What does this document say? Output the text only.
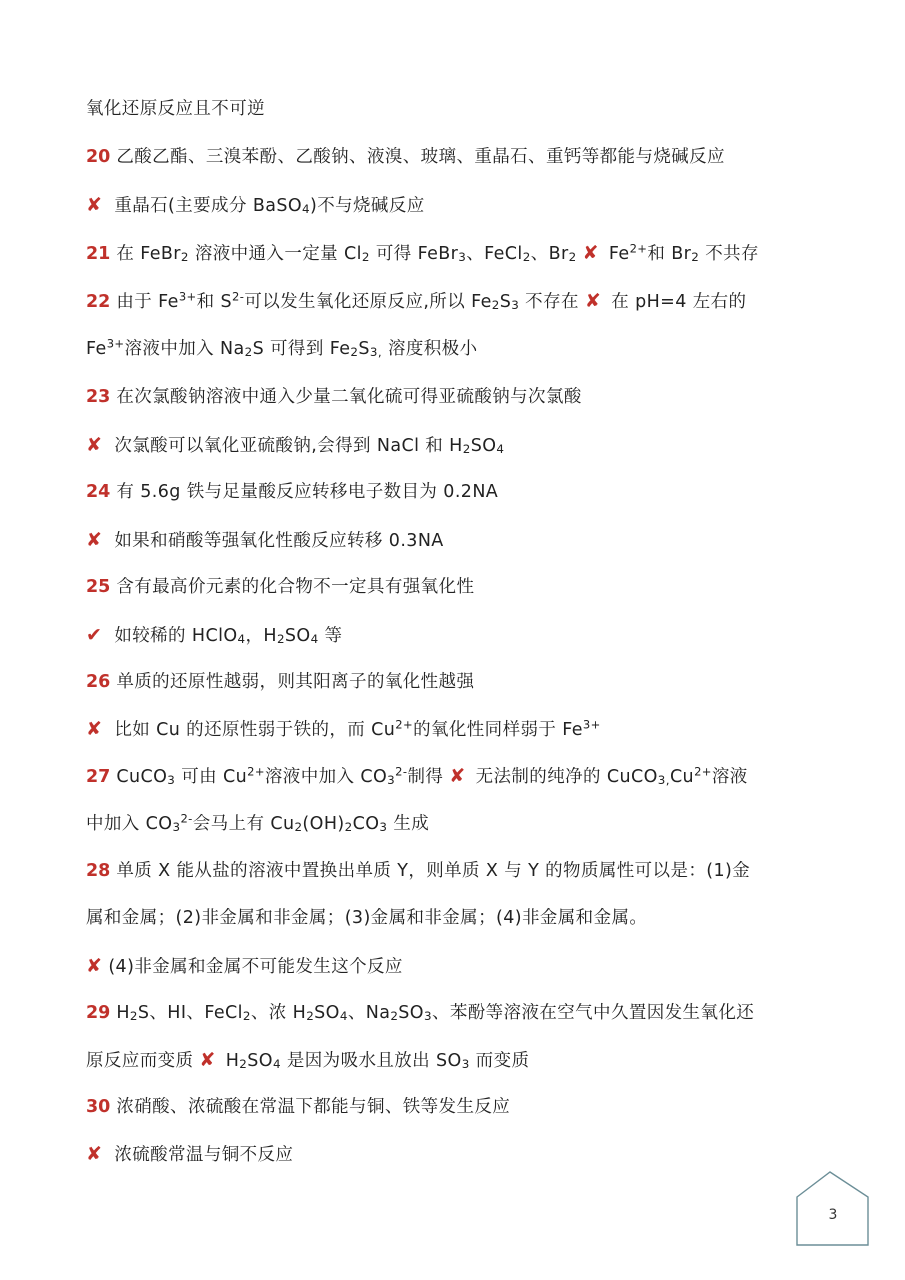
氧化还原反应且不可逆
20 乙酸乙酯、三溴苯酚、乙酸钠、液溴、玻璃、重晶石、重钙等都能与烧碱反应
✘ 重晶石(主要成分 BaSO$_4$)不与烧碱反应
21 在 FeBr$_2$ 溶液中通入一定量 $Cl_2$ 可得 FeBr$_3$、FeCl$_2$、$Br_2$ ✘ $Fe^{2+}$和 $Br_2$ 不共存
22 由于 $Fe^{3+}$和 $S^{2-}$可以发生氧化还原反应,所以 $Fe_2S_3$ 不存在 ✘ 在 pH=4 左右的
$Fe^{3+}$溶液中加入 $Na_2S$ 可得到 $Fe_2S_{3,}$ 溶度积极小
23 在次氯酸钠溶液中通入少量二氧化硫可得亚硫酸钠与次氯酸
✘ 次氯酸可以氧化亚硫酸钠,会得到 NaCl 和 $H_2SO_4$
24 有 5.6g 铁与足量酸反应转移电子数目为 0.2NA
✘ 如果和硝酸等强氧化性酸反应转移 0.3NA
25 含有最高价元素的化合物不一定具有强氧化性
✔ 如较稀的 HClO$_4$，$H_2SO_4$ 等
26 单质的还原性越弱，则其阳离子的氧化性越强
✘ 比如 Cu 的还原性弱于铁的，而 $Cu^{2+}$的氧化性同样弱于 $Fe^{3+}$
27 CuCO$_3$ 可由 $Cu^{2+}$溶液中加入 $CO_3^{2-}$制得 ✘ 无法制的纯净的 $CuCO_{3,}Cu^{2+}$溶液
中加入 $CO_3^{2-}$会马上有 $Cu_2(OH)_2CO_3$ 生成
28 单质 X 能从盐的溶液中置换出单质 Y，则单质 X 与 Y 的物质属性可以是：(1)金
属和金属；(2)非金属和非金属；(3)金属和非金属；(4)非金属和金属。
✘ (4)非金属和金属不可能发生这个反应
29 $H_2S$、HI、FeCl$_2$、浓 $H_2SO_4$、$Na_2SO_3$、苯酚等溶液在空气中久置因发生氧化还
原反应而变质 ✘ $H_2SO_4$ 是因为吸水且放出 $SO_3$ 而变质
30 浓硝酸、浓硫酸在常温下都能与铜、铁等发生反应
✘ 浓硫酸常温与铜不反应
3
